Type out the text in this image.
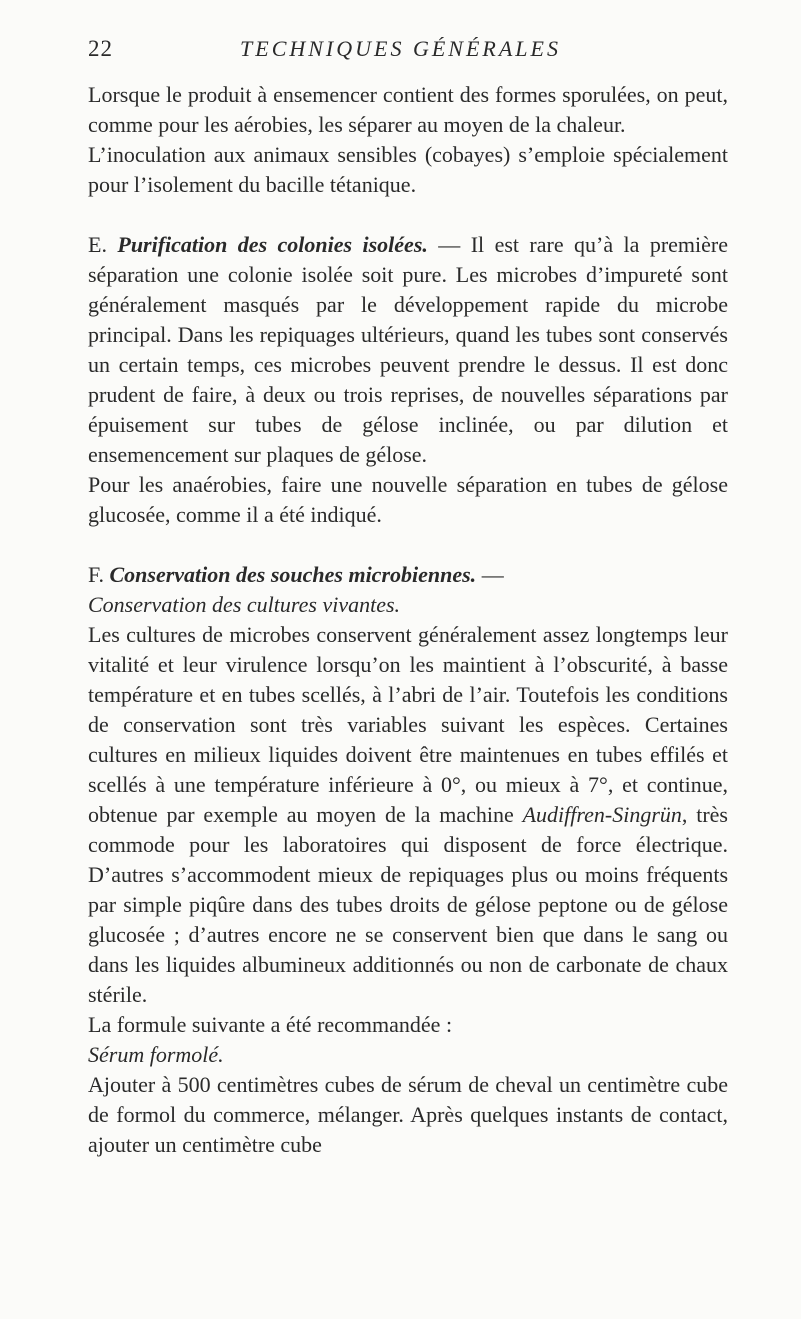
22	TECHNIQUES GÉNÉRALES

Lorsque le produit à ensemencer contient des formes sporulées, on peut, comme pour les aérobies, les séparer au moyen de la chaleur.

L’inoculation aux animaux sensibles (cobayes) s’emploie spécialement pour l’isolement du bacille tétanique.

E. Purification des colonies isolées. — Il est rare qu’à la première séparation une colonie isolée soit pure. Les microbes d’impureté sont généralement masqués par le développement rapide du microbe principal. Dans les repiquages ultérieurs, quand les tubes sont conservés un certain temps, ces microbes peuvent prendre le dessus. Il est donc prudent de faire, à deux ou trois reprises, de nouvelles séparations par épuisement sur tubes de gélose inclinée, ou par dilution et ensemencement sur plaques de gélose.

Pour les anaérobies, faire une nouvelle séparation en tubes de gélose glucosée, comme il a été indiqué.

F. Conservation des souches microbiennes. —

Conservation des cultures vivantes.

Les cultures de microbes conservent généralement assez longtemps leur vitalité et leur virulence lorsqu’on les maintient à l’obscurité, à basse température et en tubes scellés, à l’abri de l’air. Toutefois les conditions de conservation sont très variables suivant les espèces. Certaines cultures en milieux liquides doivent être maintenues en tubes effilés et scellés à une température inférieure à 0°, ou mieux à 7°, et continue, obtenue par exemple au moyen de la machine Audiffren-Singrün, très commode pour les laboratoires qui disposent de force électrique. D’autres s’accommodent mieux de repiquages plus ou moins fréquents par simple piqûre dans des tubes droits de gélose peptone ou de gélose glucosée ; d’autres encore ne se conservent bien que dans le sang ou dans les liquides albumineux additionnés ou non de carbonate de chaux stérile.

La formule suivante a été recommandée :

Sérum formolé.

Ajouter à 500 centimètres cubes de sérum de cheval un centimètre cube de formol du commerce, mélanger. Après quelques instants de contact, ajouter un centimètre cube
